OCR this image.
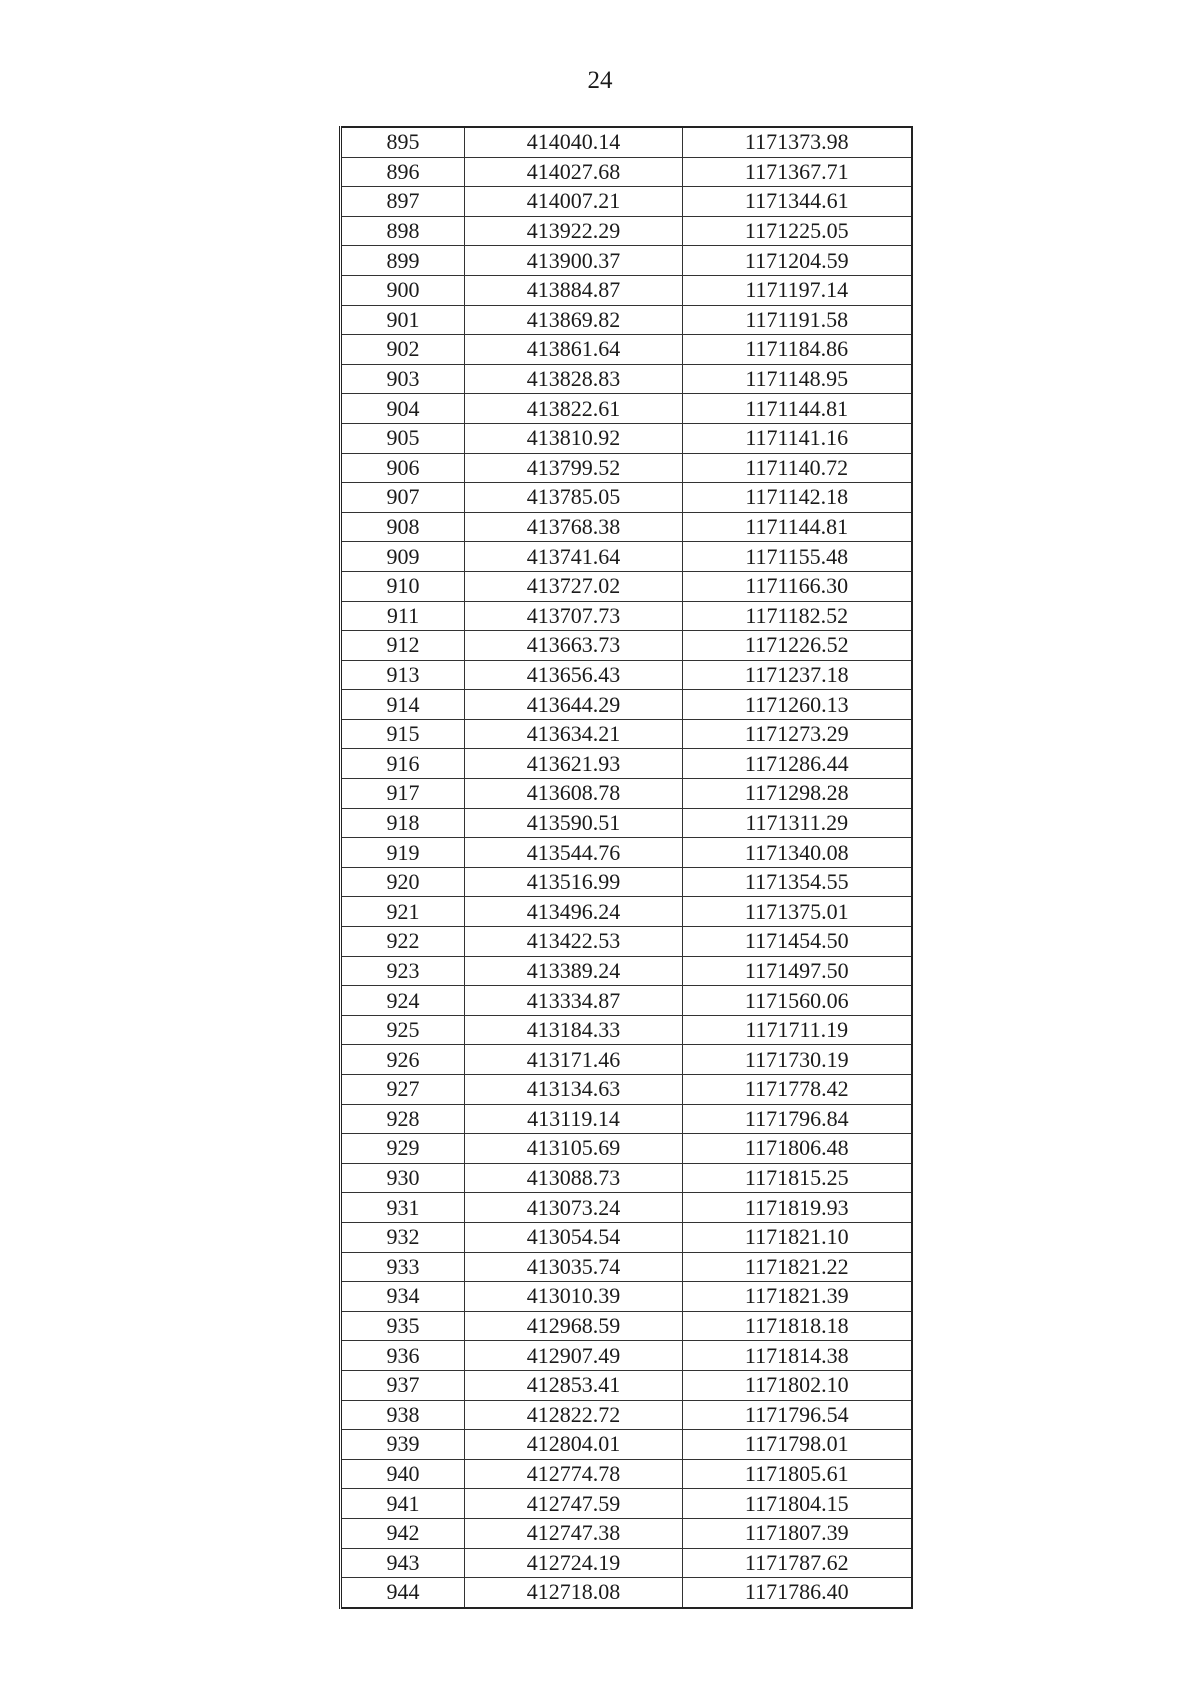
24
895	414040.14	1171373.98
896	414027.68	1171367.71
897	414007.21	1171344.61
898	413922.29	1171225.05
899	413900.37	1171204.59
900	413884.87	1171197.14
901	413869.82	1171191.58
902	413861.64	1171184.86
903	413828.83	1171148.95
904	413822.61	1171144.81
905	413810.92	1171141.16
906	413799.52	1171140.72
907	413785.05	1171142.18
908	413768.38	1171144.81
909	413741.64	1171155.48
910	413727.02	1171166.30
911	413707.73	1171182.52
912	413663.73	1171226.52
913	413656.43	1171237.18
914	413644.29	1171260.13
915	413634.21	1171273.29
916	413621.93	1171286.44
917	413608.78	1171298.28
918	413590.51	1171311.29
919	413544.76	1171340.08
920	413516.99	1171354.55
921	413496.24	1171375.01
922	413422.53	1171454.50
923	413389.24	1171497.50
924	413334.87	1171560.06
925	413184.33	1171711.19
926	413171.46	1171730.19
927	413134.63	1171778.42
928	413119.14	1171796.84
929	413105.69	1171806.48
930	413088.73	1171815.25
931	413073.24	1171819.93
932	413054.54	1171821.10
933	413035.74	1171821.22
934	413010.39	1171821.39
935	412968.59	1171818.18
936	412907.49	1171814.38
937	412853.41	1171802.10
938	412822.72	1171796.54
939	412804.01	1171798.01
940	412774.78	1171805.61
941	412747.59	1171804.15
942	412747.38	1171807.39
943	412724.19	1171787.62
944	412718.08	1171786.40
